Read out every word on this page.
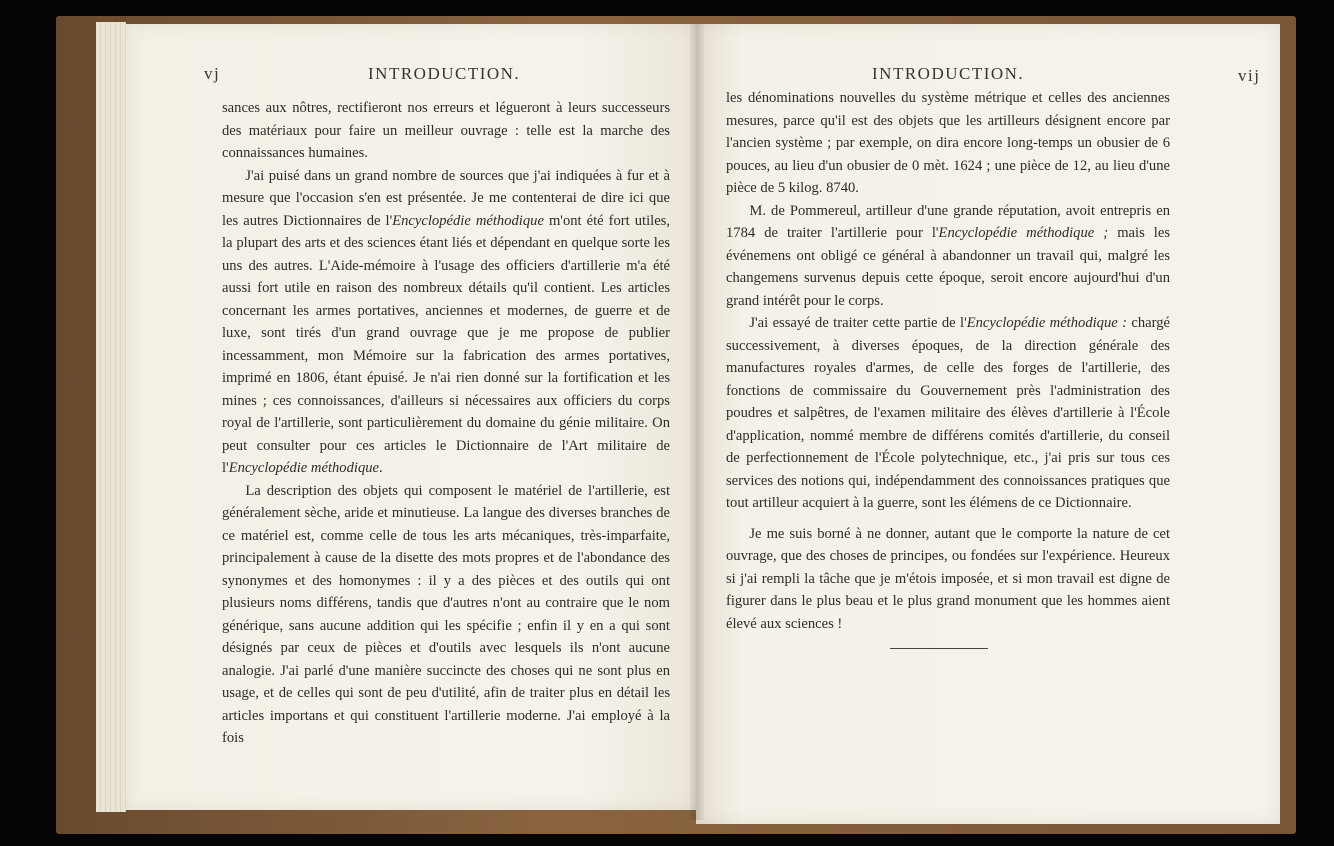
vj	INTRODUCTION.

sances aux nôtres, rectifieront nos erreurs et légueront à leurs successeurs des matériaux pour faire un meilleur ouvrage : telle est la marche des connaissances humaines.

J'ai puisé dans un grand nombre de sources que j'ai indiquées à fur et à mesure que l'occasion s'en est présentée. Je me contenterai de dire ici que les autres Dictionnaires de l'Encyclopédie méthodique m'ont été fort utiles, la plupart des arts et des sciences étant liés et dépendant en quelque sorte les uns des autres. L'Aide-mémoire à l'usage des officiers d'artillerie m'a été aussi fort utile en raison des nombreux détails qu'il contient. Les articles concernant les armes portatives, anciennes et modernes, de guerre et de luxe, sont tirés d'un grand ouvrage que je me propose de publier incessamment, mon Mémoire sur la fabrication des armes portatives, imprimé en 1806, étant épuisé. Je n'ai rien donné sur la fortification et les mines ; ces connoissances, d'ailleurs si nécessaires aux officiers du corps royal de l'artillerie, sont particulièrement du domaine du génie militaire. On peut consulter pour ces articles le Dictionnaire de l'Art militaire de l'Encyclopédie méthodique.

La description des objets qui composent le matériel de l'artillerie, est généralement sèche, aride et minutieuse. La langue des diverses branches de ce matériel est, comme celle de tous les arts mécaniques, très-imparfaite, principalement à cause de la disette des mots propres et de l'abondance des synonymes et des homonymes : il y a des pièces et des outils qui ont plusieurs noms différens, tandis que d'autres n'ont au contraire que le nom générique, sans aucune addition qui les spécifie ; enfin il y en a qui sont désignés par ceux de pièces et d'outils avec lesquels ils n'ont aucune analogie. J'ai parlé d'une manière succincte des choses qui ne sont plus en usage, et de celles qui sont de peu d'utilité, afin de traiter plus en détail les articles importans et qui constituent l'artillerie moderne. J'ai employé à la fois

INTRODUCTION.	vij

les dénominations nouvelles du système métrique et celles des anciennes mesures, parce qu'il est des objets que les artilleurs désignent encore par l'ancien système ; par exemple, on dira encore long-temps un obusier de 6 pouces, au lieu d'un obusier de 0 mèt. 1624 ; une pièce de 12, au lieu d'une pièce de 5 kilog. 8740.

M. de Pommereul, artilleur d'une grande réputation, avoit entrepris en 1784 de traiter l'artillerie pour l'Encyclopédie méthodique ; mais les événemens ont obligé ce général à abandonner un travail qui, malgré les changemens survenus depuis cette époque, seroit encore aujourd'hui d'un grand intérêt pour le corps.

J'ai essayé de traiter cette partie de l'Encyclopédie méthodique : chargé successivement, à diverses époques, de la direction générale des manufactures royales d'armes, de celle des forges de l'artillerie, des fonctions de commissaire du Gouvernement près l'administration des poudres et salpêtres, de l'examen militaire des élèves d'artillerie à l'École d'application, nommé membre de différens comités d'artillerie, du conseil de perfectionnement de l'École polytechnique, etc., j'ai pris sur tous ces services des notions qui, indépendamment des connoissances pratiques que tout artilleur acquiert à la guerre, sont les élémens de ce Dictionnaire.

Je me suis borné à ne donner, autant que le comporte la nature de cet ouvrage, que des choses de principes, ou fondées sur l'expérience. Heureux si j'ai rempli la tâche que je m'étois imposée, et si mon travail est digne de figurer dans le plus beau et le plus grand monument que les hommes aient élevé aux sciences !
